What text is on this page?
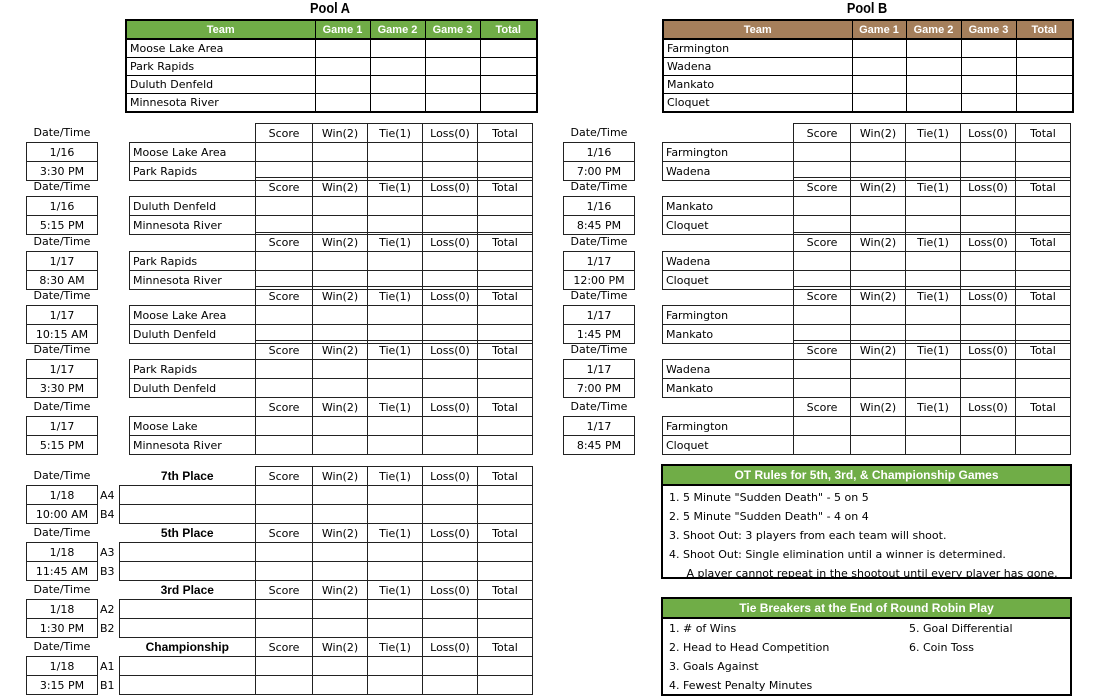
Pool A	Pool B
Team	Game 1	Game 2	Game 3	Total
Moose Lake Area				
Park Rapids				
Duluth Denfeld				
Minnesota River				
Team	Game 1	Game 2	Game 3	Total
Farmington				
Wadena				
Mankato				
Cloquet				
Date/Time			Score	Win(2)	Tie(1)	Loss(0)	Total
1/16		Moose Lake Area					
3:30 PM		Park Rapids					
Date/Time			Score	Win(2)	Tie(1)	Loss(0)	Total
1/16		Duluth Denfeld					
5:15 PM		Minnesota River					
Date/Time			Score	Win(2)	Tie(1)	Loss(0)	Total
1/17		Park Rapids					
8:30 AM		Minnesota River					
Date/Time			Score	Win(2)	Tie(1)	Loss(0)	Total
1/17		Moose Lake Area					
10:15 AM		Duluth Denfeld					
Date/Time			Score	Win(2)	Tie(1)	Loss(0)	Total
1/17		Park Rapids					
3:30 PM		Duluth Denfeld					
Date/Time			Score	Win(2)	Tie(1)	Loss(0)	Total
1/17		Moose Lake					
5:15 PM		Minnesota River					
Date/Time			Score	Win(2)	Tie(1)	Loss(0)	Total
1/16		Farmington					
7:00 PM		Wadena					
Date/Time			Score	Win(2)	Tie(1)	Loss(0)	Total
1/16		Mankato					
8:45 PM		Cloquet					
Date/Time			Score	Win(2)	Tie(1)	Loss(0)	Total
1/17		Wadena					
12:00 PM		Cloquet					
Date/Time			Score	Win(2)	Tie(1)	Loss(0)	Total
1/17		Farmington					
1:45 PM		Mankato					
Date/Time			Score	Win(2)	Tie(1)	Loss(0)	Total
1/17		Wadena					
7:00 PM		Mankato					
Date/Time			Score	Win(2)	Tie(1)	Loss(0)	Total
1/17		Farmington					
8:45 PM		Cloquet					
Date/Time		7th Place	Score	Win(2)	Tie(1)	Loss(0)	Total
1/18	A4						
10:00 AM	B4						
Date/Time		5th Place	Score	Win(2)	Tie(1)	Loss(0)	Total
1/18	A3						
11:45 AM	B3						
Date/Time		3rd Place	Score	Win(2)	Tie(1)	Loss(0)	Total
1/18	A2						
1:30 PM	B2						
Date/Time		Championship	Score	Win(2)	Tie(1)	Loss(0)	Total
1/18	A1						
3:15 PM	B1						
OT Rules for 5th, 3rd, & Championship Games
1. 5 Minute "Sudden Death" - 5 on 5
2. 5 Minute "Sudden Death" - 4 on 4
3. Shoot Out: 3 players from each team will shoot.
4. Shoot Out: Single elimination until a winner is determined.
A player cannot repeat in the shootout until every player has gone.
Tie Breakers at the End of Round Robin Play
1. # of Wins	5. Goal Differential
2. Head to Head Competition	6. Coin Toss
3. Goals Against
4. Fewest Penalty Minutes
